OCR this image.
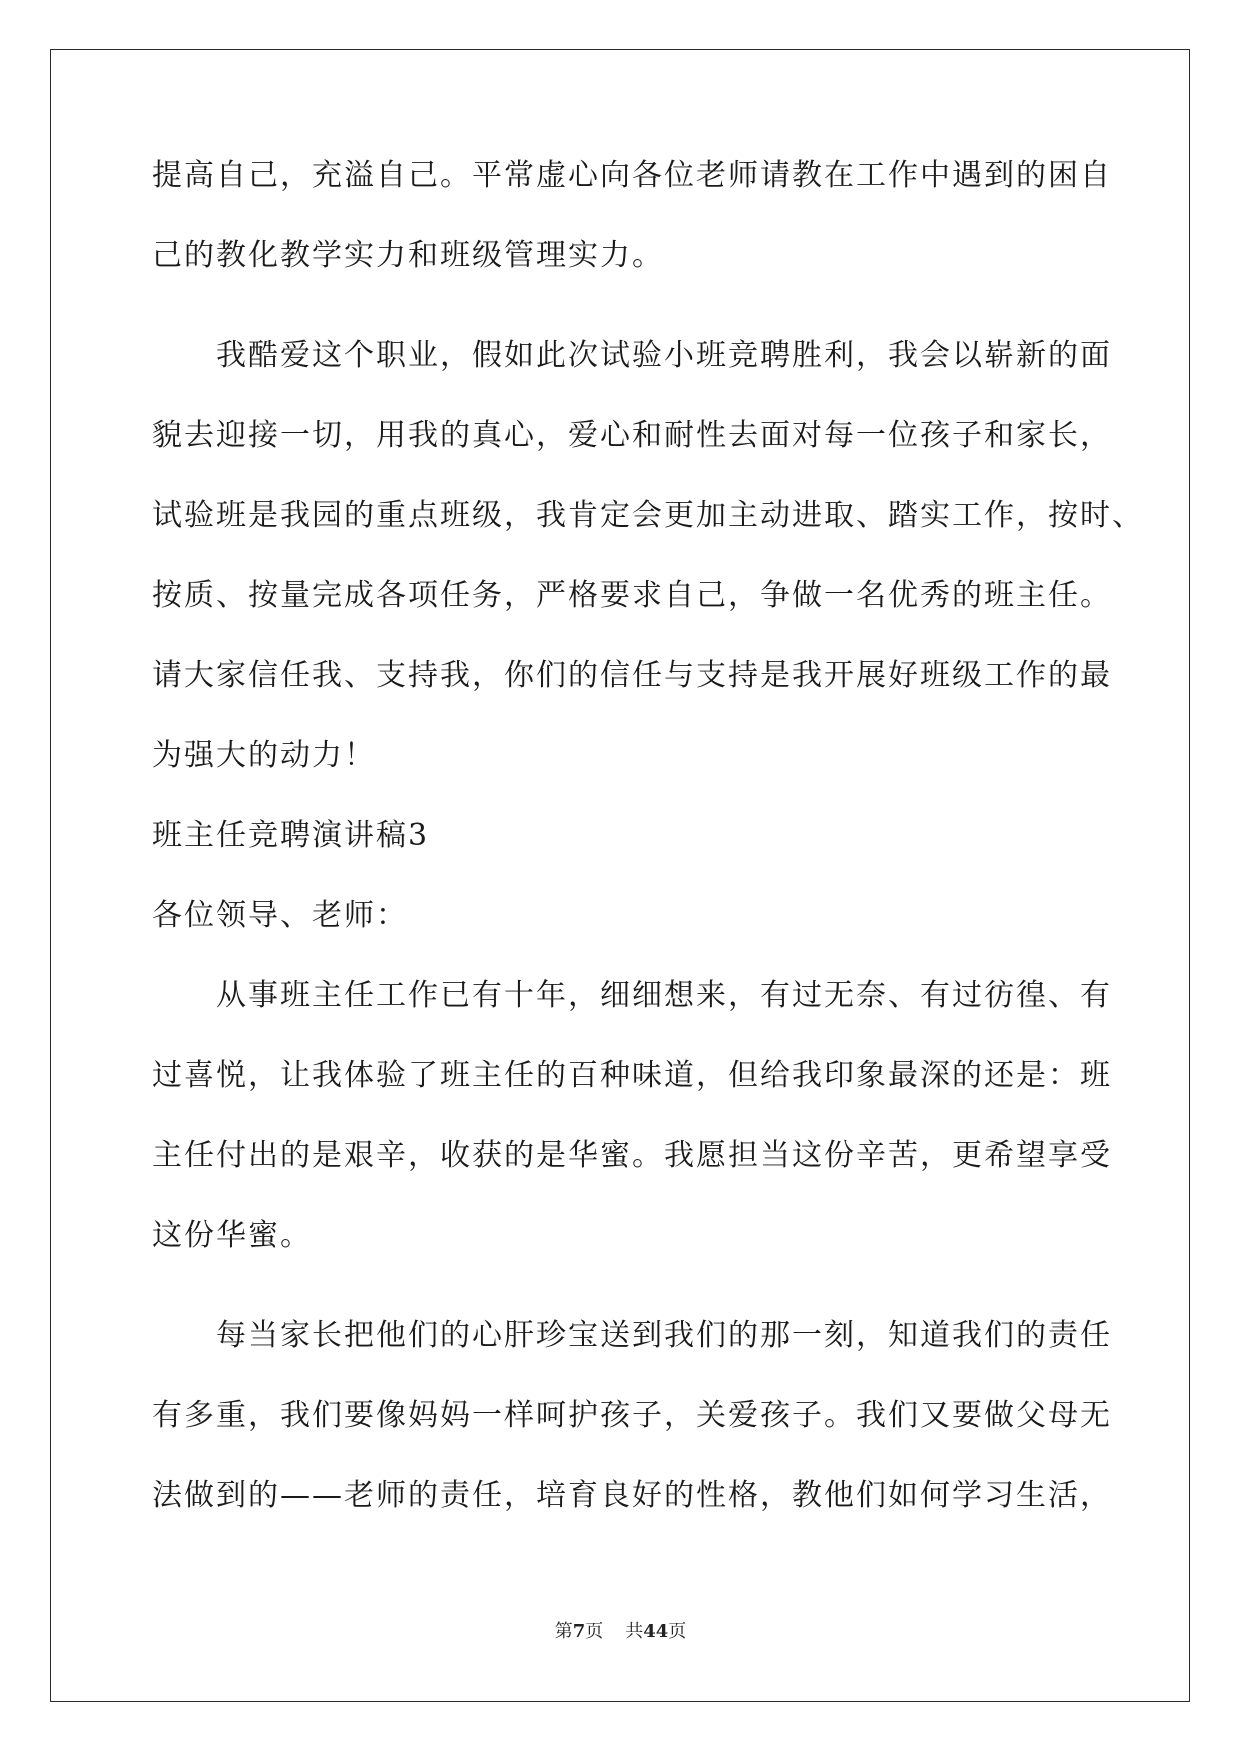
提高自己，充溢自己。平常虚心向各位老师请教在工作中遇到的困自
己的教化教学实力和班级管理实力。
我酷爱这个职业，假如此次试验小班竞聘胜利，我会以崭新的面
貌去迎接一切，用我的真心，爱心和耐性去面对每一位孩子和家长，
试验班是我园的重点班级，我肯定会更加主动进取、踏实工作，按时、
按质、按量完成各项任务，严格要求自己，争做一名优秀的班主任。
请大家信任我、支持我，你们的信任与支持是我开展好班级工作的最
为强大的动力！
班主任竞聘演讲稿3
各位领导、老师：
从事班主任工作已有十年，细细想来，有过无奈、有过彷徨、有
过喜悦，让我体验了班主任的百种味道，但给我印象最深的还是：班
主任付出的是艰辛，收获的是华蜜。我愿担当这份辛苦，更希望享受
这份华蜜。
每当家长把他们的心肝珍宝送到我们的那一刻，知道我们的责任
有多重，我们要像妈妈一样呵护孩子，关爱孩子。我们又要做父母无
法做到的——老师的责任，培育良好的性格，教他们如何学习生活，
第7页 共44页
